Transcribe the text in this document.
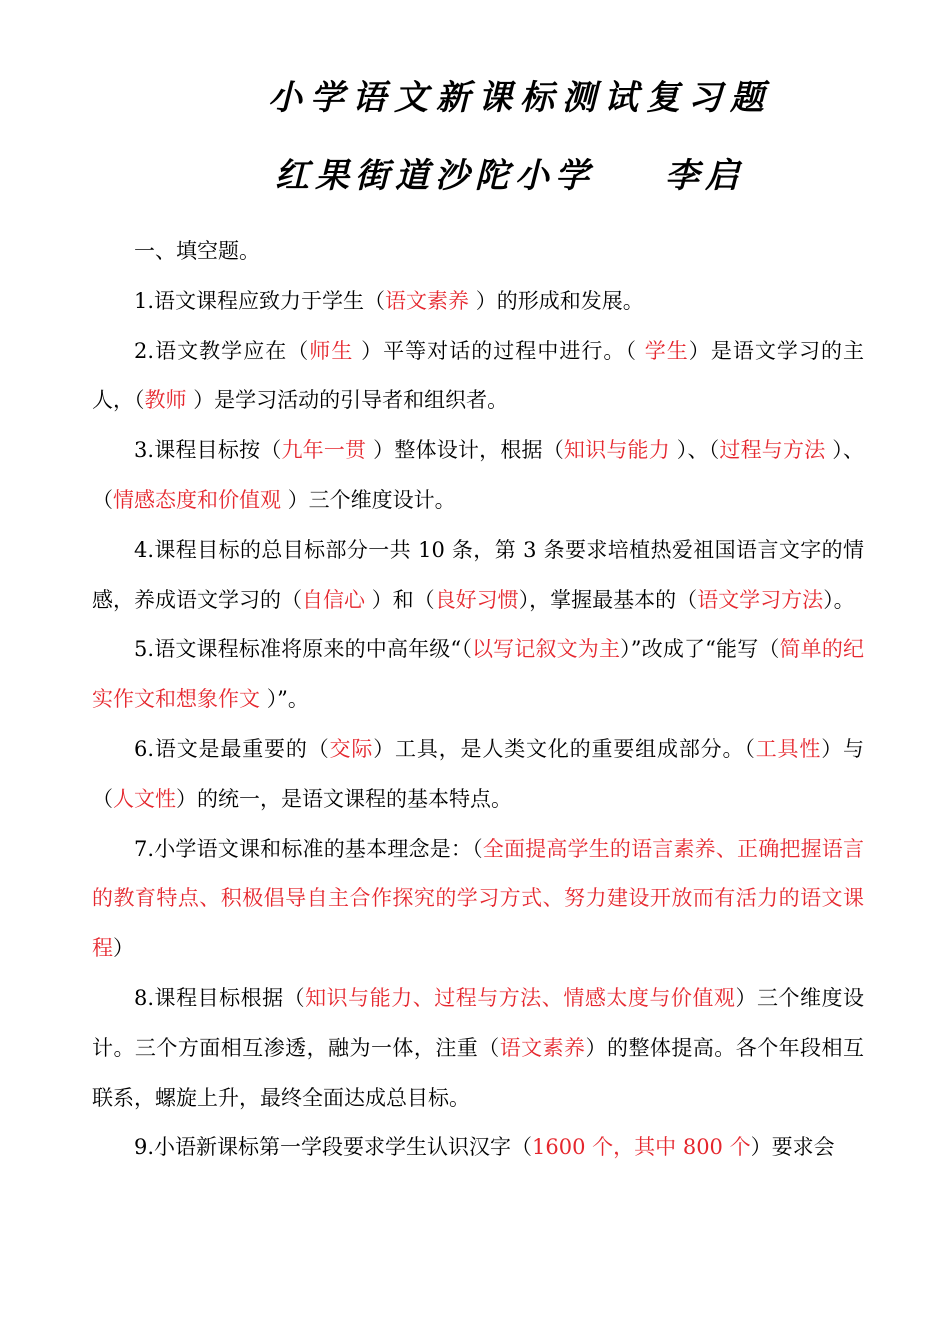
小学语文新课标测试复习题
红果街道沙陀小学 李启

一、填空题。

1.语文课程应致力于学生（语文素养 ）的形成和发展。

2.语文教学应在（师生 ）平等对话的过程中进行。（ 学生）是语文学习的主人，（教师 ）是学习活动的引导者和组织者。

3.课程目标按（九年一贯 ）整体设计，根据（知识与能力 ）、（过程与方法 ）、（情感态度和价值观 ）三个维度设计。

4.课程目标的总目标部分一共 10 条，第 3 条要求培植热爱祖国语言文字的情感，养成语文学习的（自信心 ）和（良好习惯），掌握最基本的（语文学习方法）。

5.语文课程标准将原来的中高年级“（以写记叙文为主）”改成了“能写（简单的纪实作文和想象作文 ）”。

6.语文是最重要的（交际）工具，是人类文化的重要组成部分。（工具性）与（人文性）的统一，是语文课程的基本特点。

7.小学语文课和标准的基本理念是：（全面提高学生的语言素养、正确把握语言的教育特点、积极倡导自主合作探究的学习方式、努力建设开放而有活力的语文课程）

8.课程目标根据（知识与能力、过程与方法、情感太度与价值观）三个维度设计。三个方面相互渗透，融为一体，注重（语文素养）的整体提高。各个年段相互联系，螺旋上升，最终全面达成总目标。

9.小语新课标第一学段要求学生认识汉字（1600 个，其中 800 个）要求会
